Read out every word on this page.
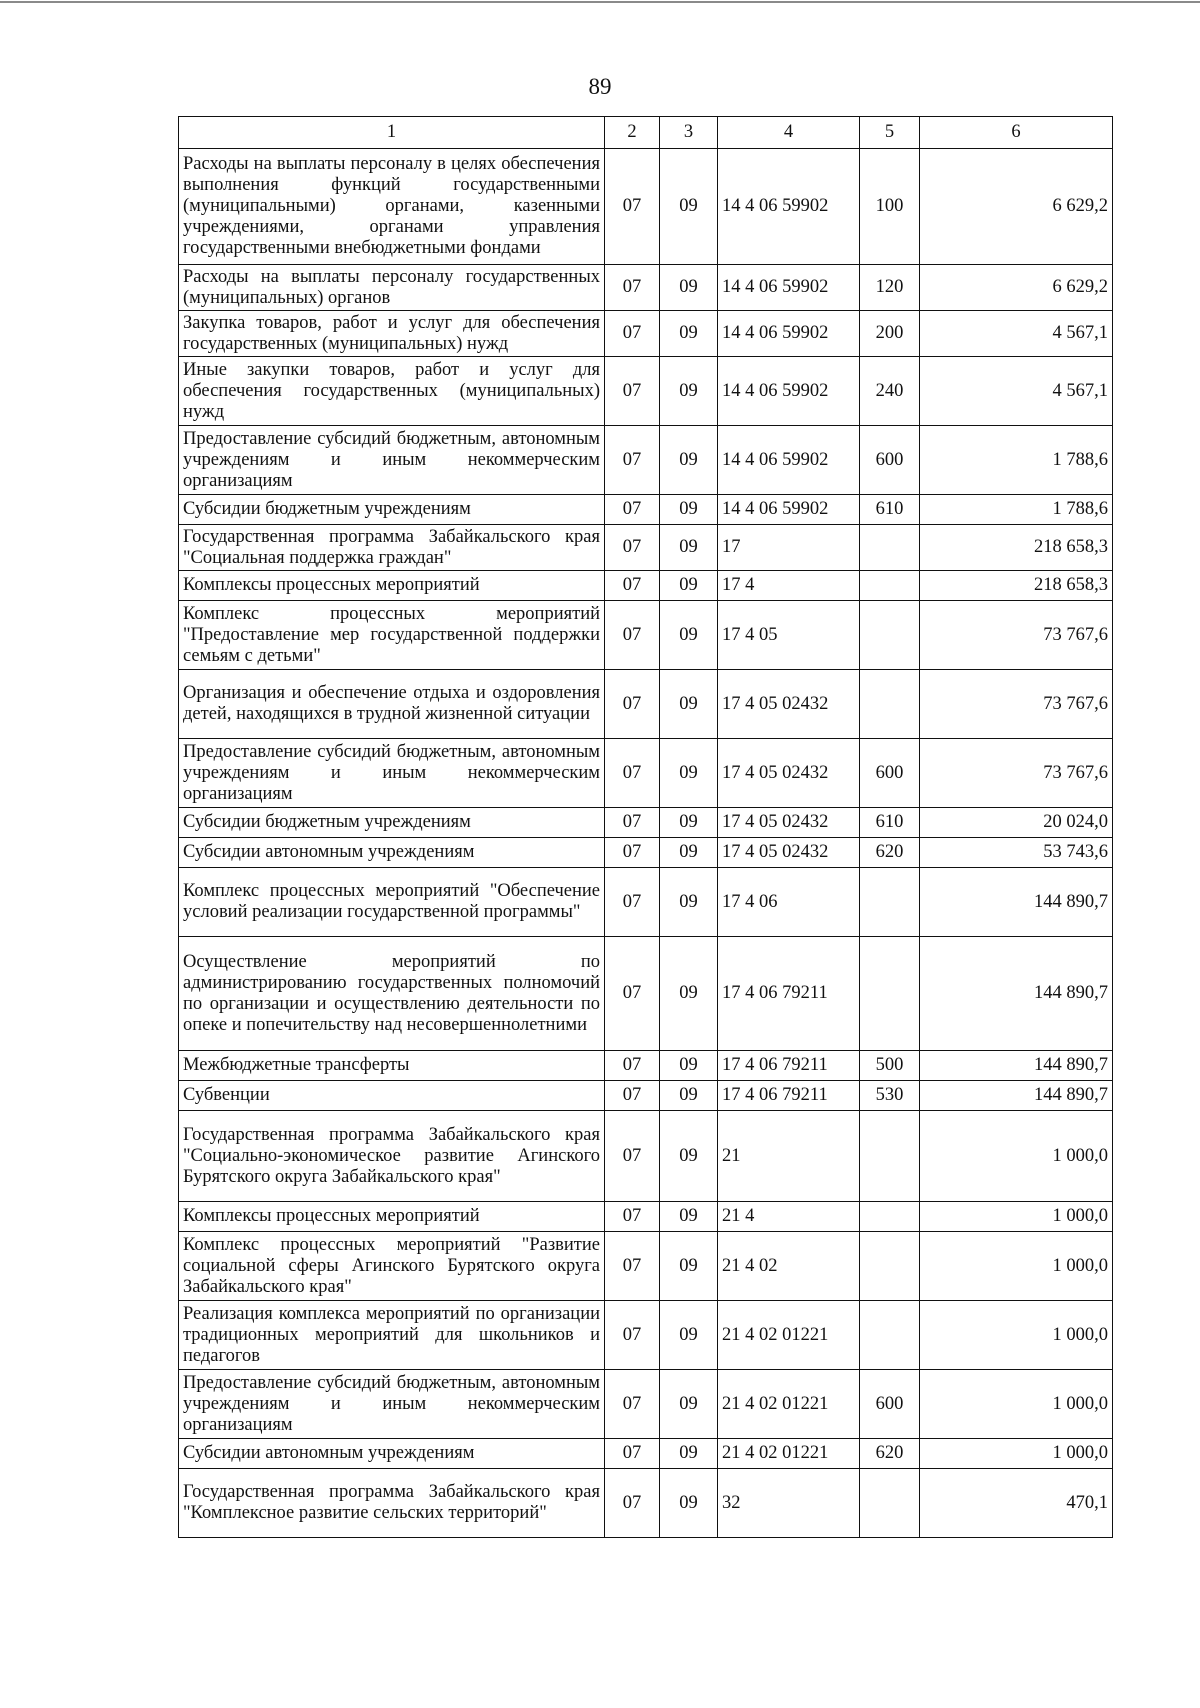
89
1	2	3	4	5	6
Расходы на выплаты персоналу в целях обеспечения выполнения функций государственными (муниципальными) органами, казенными учреждениями, органами управления государственными внебюджетными фондами	07	09	14 4 06 59902	100	6 629,2
Расходы на выплаты персоналу государственных (муниципальных) органов	07	09	14 4 06 59902	120	6 629,2
Закупка товаров, работ и услуг для обеспечения государственных (муниципальных) нужд	07	09	14 4 06 59902	200	4 567,1
Иные закупки товаров, работ и услуг для обеспечения государственных (муниципальных) нужд	07	09	14 4 06 59902	240	4 567,1
Предоставление субсидий бюджетным, автономным учреждениям и иным некоммерческим организациям	07	09	14 4 06 59902	600	1 788,6
Субсидии бюджетным учреждениям	07	09	14 4 06 59902	610	1 788,6
Государственная программа Забайкальского края "Социальная поддержка граждан"	07	09	17		218 658,3
Комплексы процессных мероприятий	07	09	17 4		218 658,3
Комплекс процессных мероприятий "Предоставление мер государственной поддержки семьям с детьми"	07	09	17 4 05		73 767,6
Организация и обеспечение отдыха и оздоровления детей, находящихся в трудной жизненной ситуации	07	09	17 4 05 02432		73 767,6
Предоставление субсидий бюджетным, автономным учреждениям и иным некоммерческим организациям	07	09	17 4 05 02432	600	73 767,6
Субсидии бюджетным учреждениям	07	09	17 4 05 02432	610	20 024,0
Субсидии автономным учреждениям	07	09	17 4 05 02432	620	53 743,6
Комплекс процессных мероприятий "Обеспечение условий реализации государственной программы"	07	09	17 4 06		144 890,7
Осуществление мероприятий по администрированию государственных полномочий по организации и осуществлению деятельности по опеке и попечительству над несовершеннолетними	07	09	17 4 06 79211		144 890,7
Межбюджетные трансферты	07	09	17 4 06 79211	500	144 890,7
Субвенции	07	09	17 4 06 79211	530	144 890,7
Государственная программа Забайкальского края "Социально-экономическое развитие Агинского Бурятского округа Забайкальского края"	07	09	21		1 000,0
Комплексы процессных мероприятий	07	09	21 4		1 000,0
Комплекс процессных мероприятий "Развитие социальной сферы Агинского Бурятского округа Забайкальского края"	07	09	21 4 02		1 000,0
Реализация комплекса мероприятий по организации традиционных мероприятий для школьников и педагогов	07	09	21 4 02 01221		1 000,0
Предоставление субсидий бюджетным, автономным учреждениям и иным некоммерческим организациям	07	09	21 4 02 01221	600	1 000,0
Субсидии автономным учреждениям	07	09	21 4 02 01221	620	1 000,0
Государственная программа Забайкальского края "Комплексное развитие сельских территорий"	07	09	32		470,1
